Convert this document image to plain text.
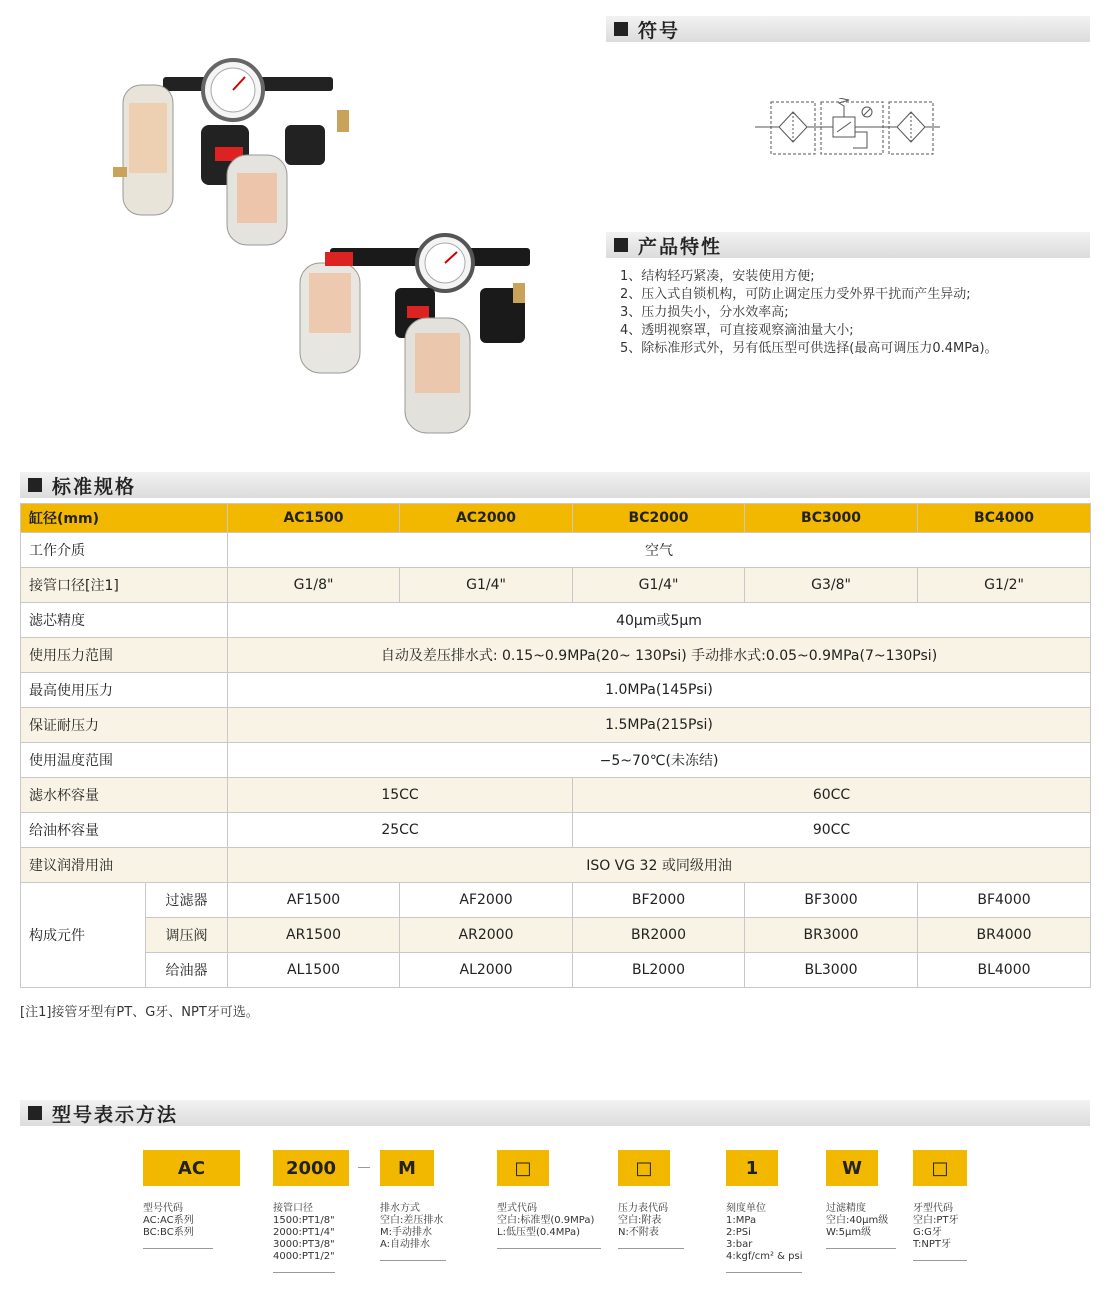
符号
产品特性
1、结构轻巧紧凑，安装使用方便;
2、压入式自锁机构，可防止调定压力受外界干扰而产生异动;
3、压力损失小，分水效率高;
4、透明视察罩，可直接观察滴油量大小;
5、除标准形式外，另有低压型可供选择(最高可调压力0.4MPa)。
标准规格
缸径(mm)		AC1500	AC2000	BC2000	BC3000	BC4000
工作介质		空气				
接管口径[注1]		G1/8"	G1/4"	G1/4"	G3/8"	G1/2"
滤芯精度		40μm或5μm				
使用压力范围		自动及差压排水式: 0.15~0.9MPa(20~ 130Psi) 手动排水式:0.05~0.9MPa(7~130Psi)				
最高使用压力		1.0MPa(145Psi)				
保证耐压力		1.5MPa(215Psi)				
使用温度范围		−5~70℃(未冻结)				
滤水杯容量		15CC		60CC		
给油杯容量		25CC		90CC		
建议润滑用油		ISO VG 32 或同级用油				
构成元件	过滤器	AF1500	AF2000	BF2000	BF3000	BF4000
	调压阀	AR1500	AR2000	BR2000	BR3000	BR4000
	给油器	AL1500	AL2000	BL2000	BL3000	BL4000
[注1]接管牙型有PT、G牙、NPT牙可选。
型号表示方法
AC	2000	M	□	□	1	W	□
型号代码
AC:AC系列
BC:BC系列
接管口径
1500:PT1/8"
2000:PT1/4"
3000:PT3/8"
4000:PT1/2"
排水方式
空白:差压排水
M:手动排水
A:自动排水
型式代码
空白:标准型(0.9MPa)
L:低压型(0.4MPa)
压力表代码
空白:附表
N:不附表
刻度单位
1:MPa
2:PSi
3:bar
4:kgf/cm² & psi
过滤精度
空白:40μm级
W:5μm级
牙型代码
空白:PT牙
G:G牙
T:NPT牙
